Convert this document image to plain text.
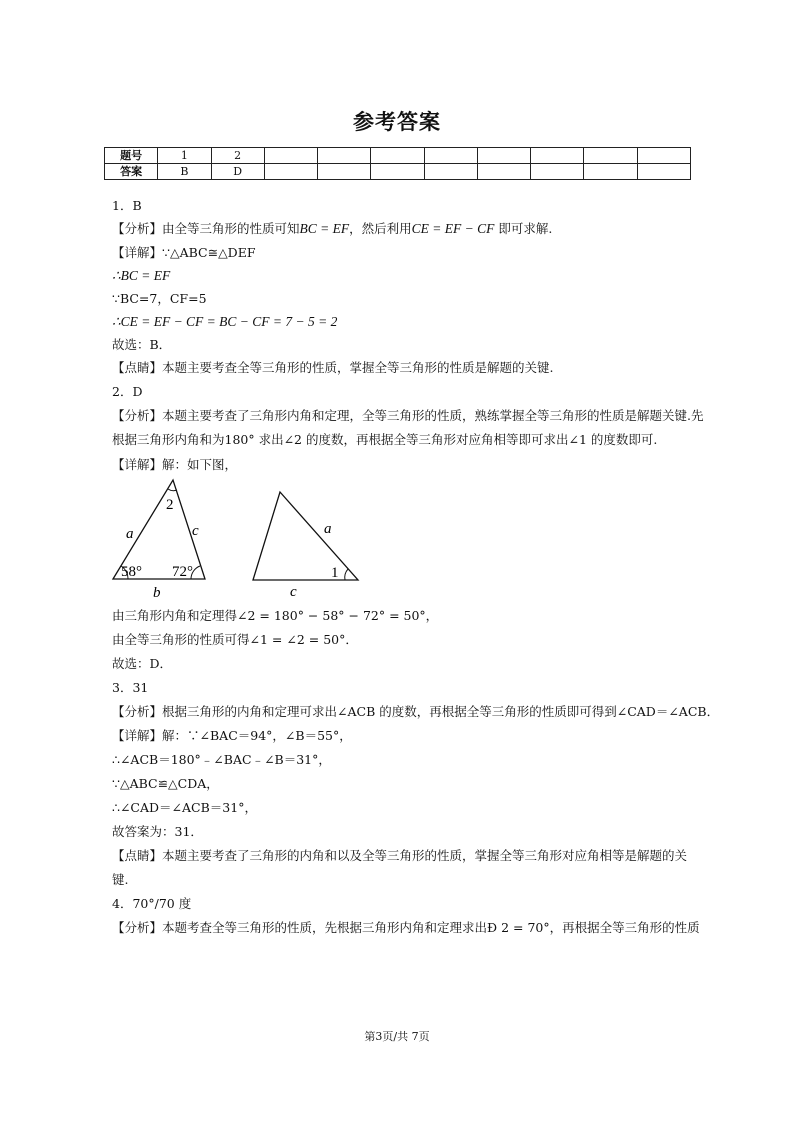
参考答案
题号	1	2								
答案	B	D								
1．B
【分析】由全等三角形的性质可知BC = EF，然后利用CE = EF − CF 即可求解.
【详解】∵△ABC≅△DEF
∴BC = EF
∵BC=7，CF=5
∴CE = EF − CF = BC − CF = 7 − 5 = 2
故选：B．
【点睛】本题主要考查全等三角形的性质，掌握全等三角形的性质是解题的关键.
2．D
【分析】本题主要考查了三角形内角和定理，全等三角形的性质，熟练掌握全等三角形的性质是解题关键.先
根据三角形内角和为180° 求出∠2 的度数，再根据全等三角形对应角相等即可求出∠1 的度数即可.
【详解】解：如下图，
2
a	c
58° 72°
b
a
1
c
由三角形内角和定理得∠2 = 180° − 58° − 72° = 50°，
由全等三角形的性质可得∠1 = ∠2 = 50°．
故选：D．
3．31
【分析】根据三角形的内角和定理可求出∠ACB 的度数，再根据全等三角形的性质即可得到∠CAD＝∠ACB．
【详解】解：∵∠BAC＝94°，∠B＝55°，
∴∠ACB＝180°﹣∠BAC﹣∠B＝31°，
∵△ABC≌△CDA，
∴∠CAD＝∠ACB＝31°，
故答案为：31．
【点睛】本题主要考查了三角形的内角和以及全等三角形的性质，掌握全等三角形对应角相等是解题的关
键.
4．70°/70 度
【分析】本题考查全等三角形的性质，先根据三角形内角和定理求出Ð 2 = 70°，再根据全等三角形的性质
第3页/共 7页
